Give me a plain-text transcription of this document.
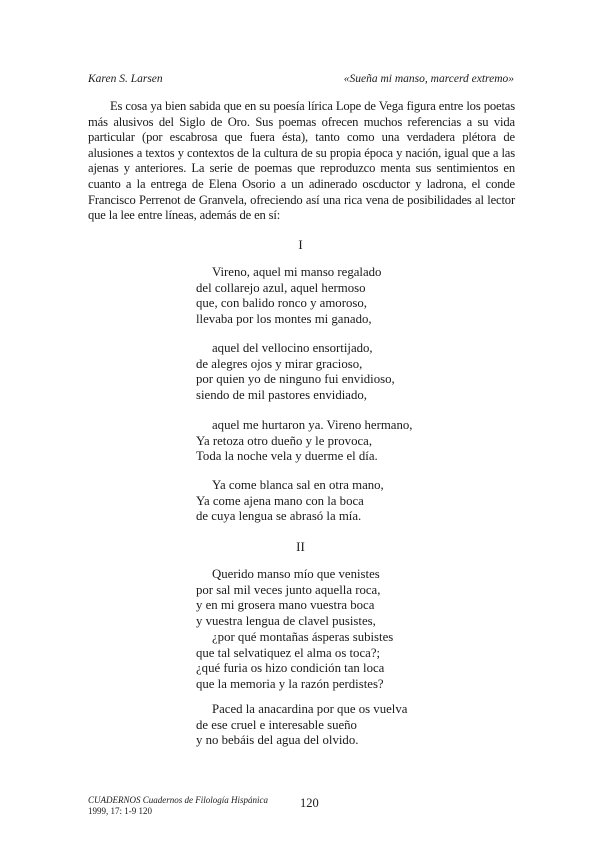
Karen S. Larsen	«Sueña mi manso, marcerd extremo»

Es cosa ya bien sabida que en su poesía lírica Lope de Vega figura entre los poetas más alusivos del Siglo de Oro. Sus poemas ofrecen muchos referencias a su vida particular (por escabrosa que fuera ésta), tanto como una verdadera plétora de alusiones a textos y contextos de la cultura de su propia época y nación, igual que a las ajenas y anteriores. La serie de poemas que reproduzco menta sus sentimientos en cuanto a la entrega de Elena Osorio a un adinerado oscductor y ladrona, el conde Francisco Perrenot de Granvela, ofreciendo así una rica vena de posibilidades al lector que la lee entre líneas, además de en sí:

I
Vireno, aquel mi manso regalado
del collarejo azul, aquel hermoso
que, con balido ronco y amoroso,
llevaba por los montes mi ganado,
aquel del vellocino ensortijado,
de alegres ojos y mirar gracioso,
por quien yo de ninguno fui envidioso,
siendo de mil pastores envidiado,
aquel me hurtaron ya. Vireno hermano,
Ya retoza otro dueño y le provoca,
Toda la noche vela y duerme el día.
Ya come blanca sal en otra mano,
Ya come ajena mano con la boca
de cuya lengua se abrasó la mía.
II
Querido manso mío que venistes
por sal mil veces junto aquella roca,
y en mi grosera mano vuestra boca
y vuestra lengua de clavel pusistes,
¿por qué montañas ásperas subistes
que tal selvatiquez el alma os toca?;
¿qué furia os hizo condición tan loca
que la memoria y la razón perdistes?
Paced la anacardina por que os vuelva
de ese cruel e interesable sueño
y no bebáis del agua del olvido.
CUADERNOS Cuadernos de Filología Hispánica
1999, 17: 1-9 120
120
